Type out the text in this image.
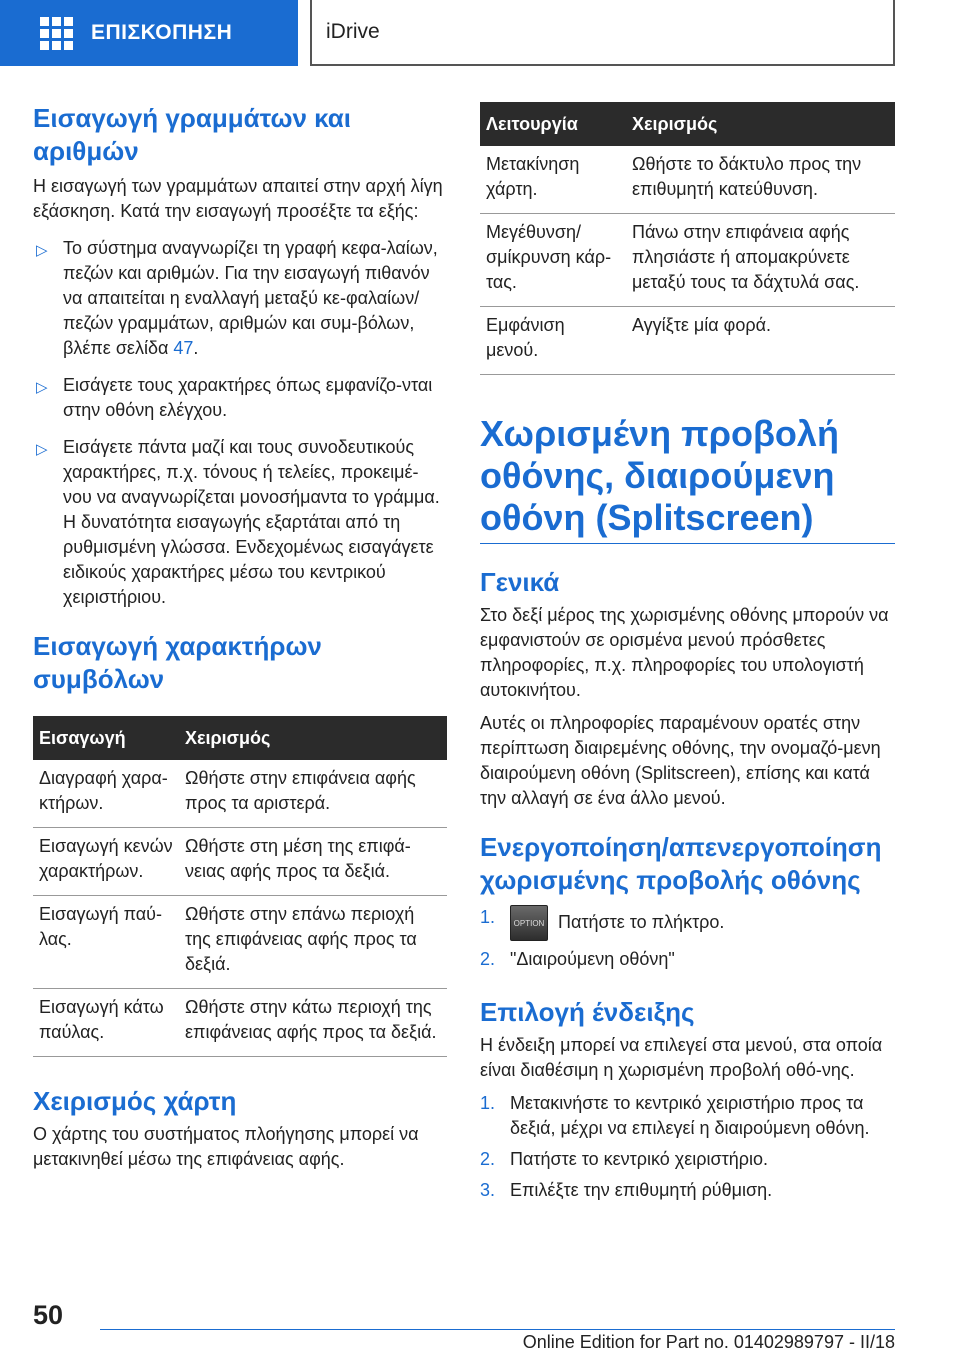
ΕΠΙΣΚΟΠΗΣΗ	iDrive
Εισαγωγή γραμμάτων και αριθμών

Η εισαγωγή των γραμμάτων απαιτεί στην αρχή λίγη εξάσκηση. Κατά την εισαγωγή προσέξτε τα εξής:

▷ Το σύστημα αναγνωρίζει τη γραφή κεφα-λαίων, πεζών και αριθμών. Για την εισαγωγή πιθανόν να απαιτείται η εναλλαγή μεταξύ κε-φαλαίων/πεζών γραμμάτων, αριθμών και συμ-βόλων, βλέπε σελίδα 47.
▷ Εισάγετε τους χαρακτήρες όπως εμφανίζο-νται στην οθόνη ελέγχου.
▷ Εισάγετε πάντα μαζί και τους συνοδευτικούς χαρακτήρες, π.χ. τόνους ή τελείες, προκειμέ-νου να αναγνωρίζεται μονοσήμαντα το γράμμα. Η δυνατότητα εισαγωγής εξαρτάται από τη ρυθμισμένη γλώσσα. Ενδεχομένως εισαγάγετε ειδικούς χαρακτήρες μέσω του κεντρικού χειριστήριου.
Εισαγωγή χαρακτήρων συμβόλων
Εισαγωγή	Χειρισμός
Διαγραφή χαρα-κτήρων.	Ωθήστε στην επιφάνεια αφής προς τα αριστερά.
Εισαγωγή κενών χαρακτήρων.	Ωθήστε στη μέση της επιφά-νειας αφής προς τα δεξιά.
Εισαγωγή παύ-λας.	Ωθήστε στην επάνω περιοχή της επιφάνειας αφής προς τα δεξιά.
Εισαγωγή κάτω παύλας.	Ωθήστε στην κάτω περιοχή της επιφάνειας αφής προς τα δεξιά.
Χειρισμός χάρτη

Ο χάρτης του συστήματος πλοήγησης μπορεί να μετακινηθεί μέσω της επιφάνειας αφής.

Λειτουργία	Χειρισμός
Μετακίνηση χάρτη.	Ωθήστε το δάκτυλο προς την επιθυμητή κατεύθυνση.
Μεγέθυνση/ σμίκρυνση κάρ-τας.	Πάνω στην επιφάνεια αφής πλησιάστε ή απομακρύνετε μεταξύ τους τα δάχτυλά σας.
Εμφάνιση μενού.	Αγγίξτε μία φορά.
Χωρισμένη προβολή οθόνης, διαιρούμενη οθόνη (Splitscreen)
Γενικά

Στο δεξί μέρος της χωρισμένης οθόνης μπορούν να εμφανιστούν σε ορισμένα μενού πρόσθετες πληροφορίες, π.χ. πληροφορίες του υπολογιστή αυτοκινήτου.

Αυτές οι πληροφορίες παραμένουν ορατές στην περίπτωση διαιρεμένης οθόνης, την ονομαζό-μενη διαιρούμενη οθόνη (Splitscreen), επίσης και κατά την αλλαγή σε ένα άλλο μενού.

Ενεργοποίηση/απενεργοποίηση χωρισμένης προβολής οθόνης
1. OPTION Πατήστε το πλήκτρο.
2. "Διαιρούμενη οθόνη"
Επιλογή ένδειξης

Η ένδειξη μπορεί να επιλεγεί στα μενού, στα οποία είναι διαθέσιμη η χωρισμένη προβολή οθό-νης.

1. Μετακινήστε το κεντρικό χειριστήριο προς τα δεξιά, μέχρι να επιλεγεί η διαιρούμενη οθόνη.
2. Πατήστε το κεντρικό χειριστήριο.
3. Επιλέξτε την επιθυμητή ρύθμιση.
50
Online Edition for Part no. 01402989797 - II/18
